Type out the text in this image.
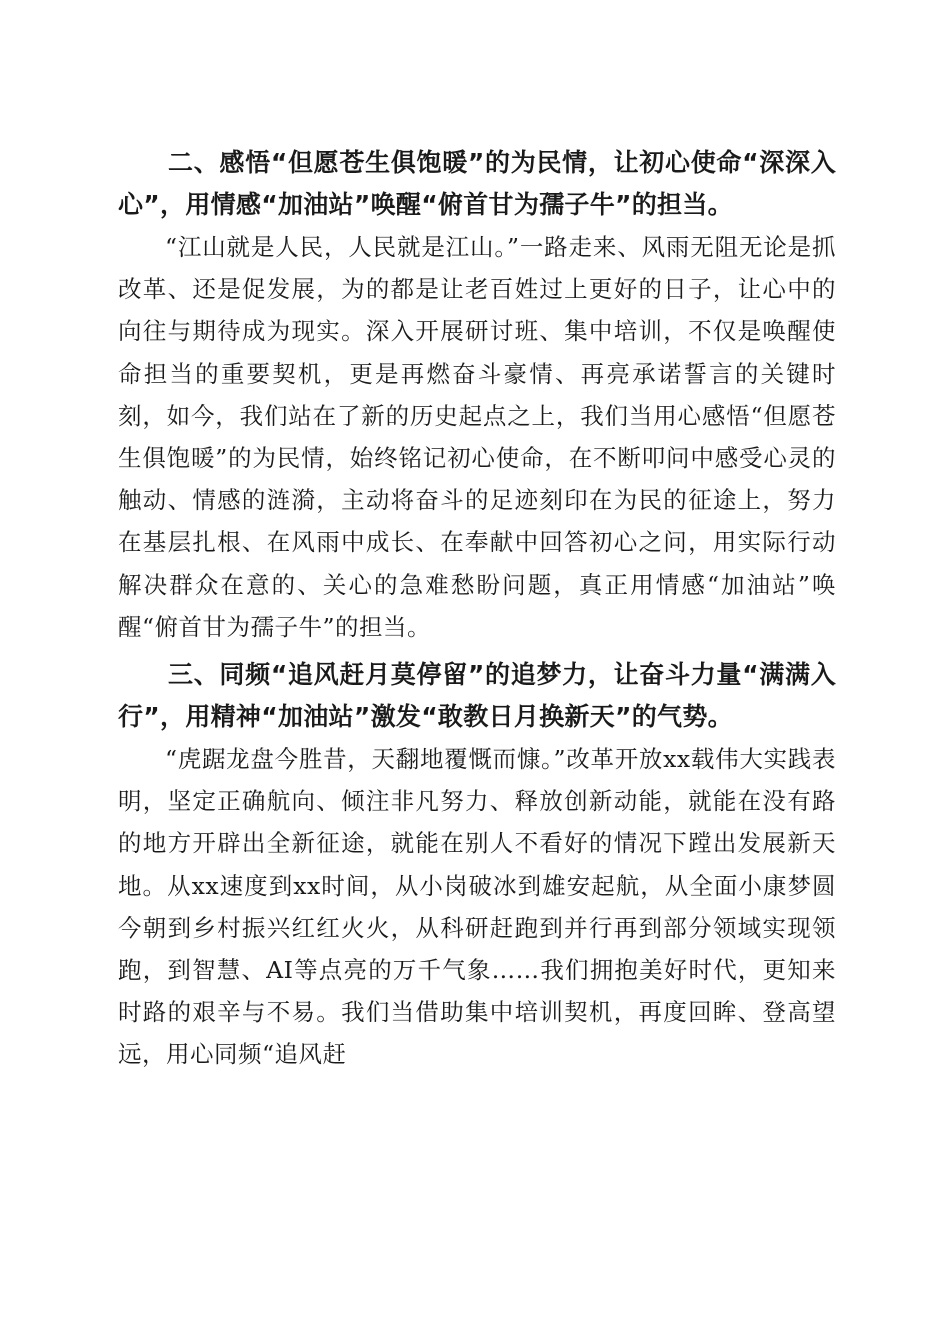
二、感悟“但愿苍生俱饱暖”的为民情，让初心使命“深深入心”，用情感“加油站”唤醒“俯首甘为孺子牛”的担当。

“江山就是人民，人民就是江山。”一路走来、风雨无阻无论是抓改革、还是促发展，为的都是让老百姓过上更好的日子，让心中的向往与期待成为现实。深入开展研讨班、集中培训，不仅是唤醒使命担当的重要契机，更是再燃奋斗豪情、再亮承诺誓言的关键时刻，如今，我们站在了新的历史起点之上，我们当用心感悟“但愿苍生俱饱暖”的为民情，始终铭记初心使命，在不断叩问中感受心灵的触动、情感的涟漪，主动将奋斗的足迹刻印在为民的征途上，努力在基层扎根、在风雨中成长、在奉献中回答初心之问，用实际行动解决群众在意的、关心的急难愁盼问题，真正用情感“加油站”唤醒“俯首甘为孺子牛”的担当。

三、同频“追风赶月莫停留”的追梦力，让奋斗力量“满满入行”，用精神“加油站”激发“敢教日月换新天”的气势。

“虎踞龙盘今胜昔，天翻地覆慨而慷。”改革开放xx载伟大实践表明，坚定正确航向、倾注非凡努力、释放创新动能，就能在没有路的地方开辟出全新征途，就能在别人不看好的情况下蹚出发展新天地。从xx速度到xx时间，从小岗破冰到雄安起航，从全面小康梦圆今朝到乡村振兴红红火火，从科研赶跑到并行再到部分领域实现领跑，到智慧、AI等点亮的万千气象……我们拥抱美好时代，更知来时路的艰辛与不易。我们当借助集中培训契机，再度回眸、登高望远，用心同频“追风赶
